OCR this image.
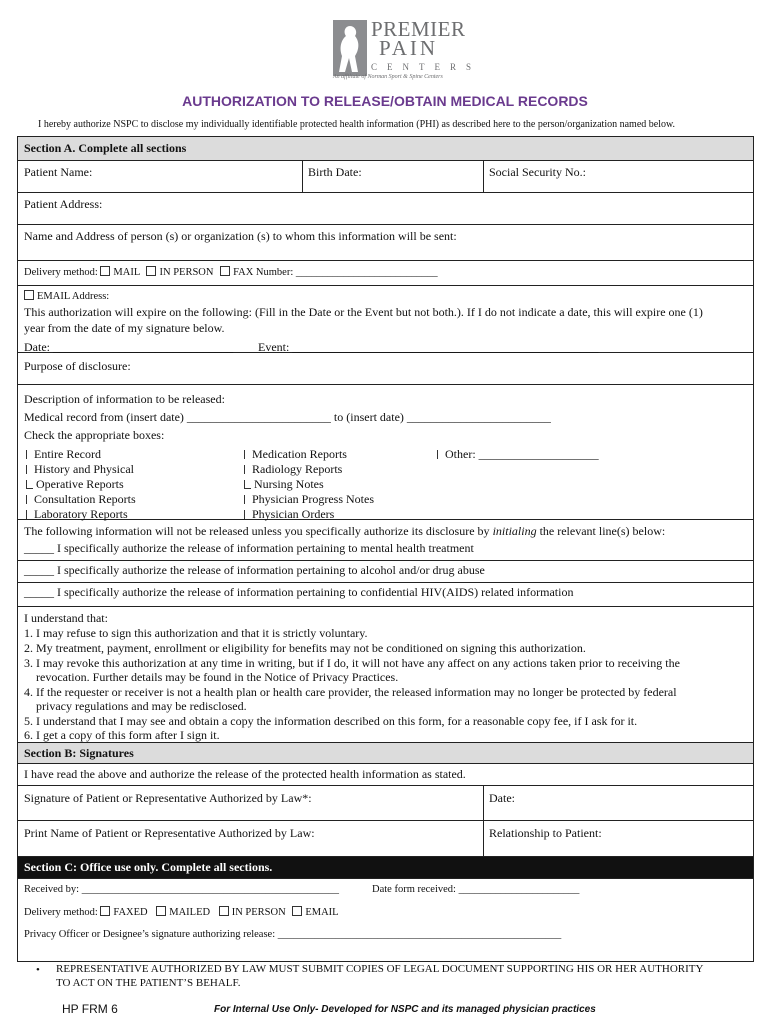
PREMIER
PAIN
CENTERS
An affiliate of Norman Sport & Spine Centers
AUTHORIZATION TO RELEASE/OBTAIN MEDICAL RECORDS
I hereby authorize NSPC to disclose my individually identifiable protected health information (PHI) as described here to the person/organization named below.
Section A. Complete all sections
Patient Name:	Birth Date:	Social Security No.:
Patient Address:
Name and Address of person (s) or organization (s) to whom this information will be sent:
Delivery method: MAIL IN PERSON FAX Number: ___________________________
EMAIL Address:
This authorization will expire on the following: (Fill in the Date or the Event but not both.). If I do not indicate a date, this will expire one (1)
year from the date of my signature below.
Date: ______________________________ Event: ___________________________________________________
Purpose of disclosure:
Description of information to be released:
Medical record from (insert date) ________________________ to (insert date) ________________________
Check the appropriate boxes:
Entire Record
History and Physical
Operative Reports
Consultation Reports
Laboratory Reports
Medication Reports
Radiology Reports
Nursing Notes
Physician Progress Notes
Physician Orders
Other: ____________________
The following information will not be released unless you specifically authorize its disclosure by initialing the relevant line(s) below:
_____ I specifically authorize the release of information pertaining to mental health treatment
_____ I specifically authorize the release of information pertaining to alcohol and/or drug abuse
_____ I specifically authorize the release of information pertaining to confidential HIV(AIDS) related information
I understand that:
1. I may refuse to sign this authorization and that it is strictly voluntary.
2. My treatment, payment, enrollment or eligibility for benefits may not be conditioned on signing this authorization.
3. I may revoke this authorization at any time in writing, but if I do, it will not have any affect on any actions taken prior to receiving the
revocation. Further details may be found in the Notice of Privacy Practices.
4. If the requester or receiver is not a health plan or health care provider, the released information may no longer be protected by federal
privacy regulations and may be redisclosed.
5. I understand that I may see and obtain a copy the information described on this form, for a reasonable copy fee, if I ask for it.
6. I get a copy of this form after I sign it.
Section B: Signatures
I have read the above and authorize the release of the protected health information as stated.
Signature of Patient or Representative Authorized by Law*:	Date:
Print Name of Patient or Representative Authorized by Law:	Relationship to Patient:
Section C: Office use only. Complete all sections.
Received by: _________________________________________________	Date form received: _______________________
Delivery method: FAXED MAILED IN PERSON EMAIL
Privacy Officer or Designee’s signature authorizing release: ______________________________________________________
• REPRESENTATIVE AUTHORIZED BY LAW MUST SUBMIT COPIES OF LEGAL DOCUMENT SUPPORTING HIS OR HER AUTHORITY
TO ACT ON THE PATIENT’S BEHALF.
HP FRM 6	For Internal Use Only- Developed for NSPC and its managed physician practices
